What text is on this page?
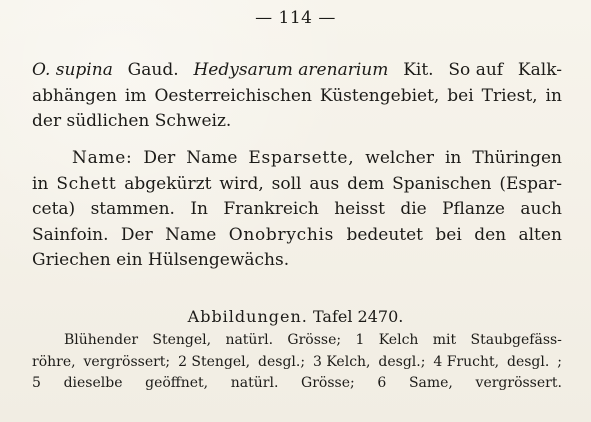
— 114 —
O. supina Gaud. Hedysarum arenarium Kit. So auf Kalk-
abhängen im Oesterreichischen Küstengebiet, bei Triest, in
der südlichen Schweiz.
Name: Der Name Esparsette, welcher in Thüringen
in Schett abgekürzt wird, soll aus dem Spanischen (Espar-
ceta) stammen. In Frankreich heisst die Pflanze auch
Sainfoin. Der Name Onobrychis bedeutet bei den alten
Griechen ein Hülsengewächs.
Abbildungen. Tafel 2470.
Blühender Stengel, natürl. Grösse; 1 Kelch mit Staubgefäss-
röhre, vergrössert; 2 Stengel, desgl.; 3 Kelch, desgl.; 4 Frucht, desgl. ;
5 dieselbe geöffnet, natürl. Grösse; 6 Same, vergrössert.
